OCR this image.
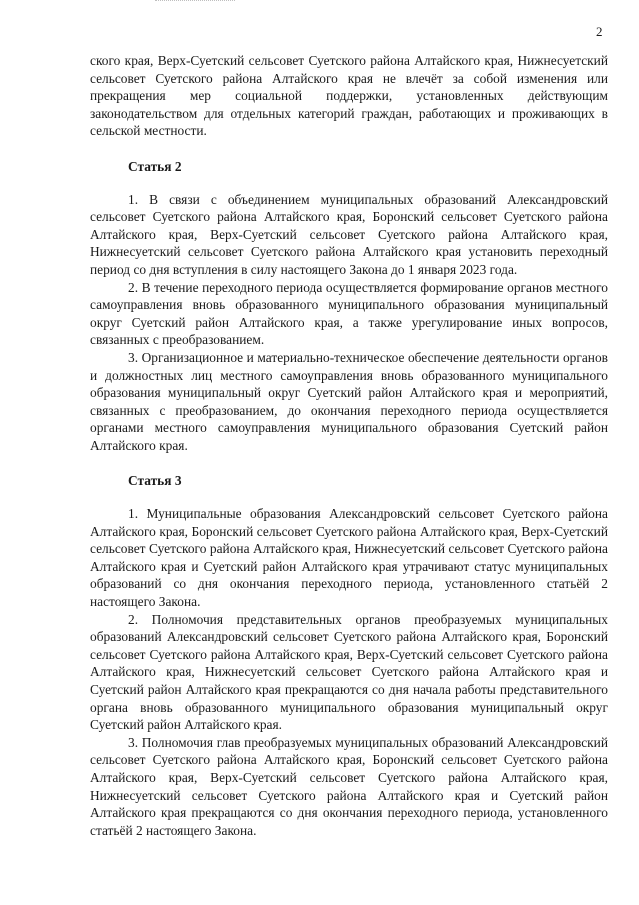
2

ского края, Верх-Суетский сельсовет Суетского района Алтайского края, Нижнесуетский сельсовет Суетского района Алтайского края не влечёт за собой изменения или прекращения мер социальной поддержки, установленных действующим законодательством для отдельных категорий граждан, работающих и проживающих в сельской местности.

Статья 2

1. В связи с объединением муниципальных образований Александровский сельсовет Суетского района Алтайского края, Боронский сельсовет Суетского района Алтайского края, Верх-Суетский сельсовет Суетского района Алтайского края, Нижнесуетский сельсовет Суетского района Алтайского края установить переходный период со дня вступления в силу настоящего Закона до 1 января 2023 года.

2. В течение переходного периода осуществляется формирование органов местного самоуправления вновь образованного муниципального образования муниципальный округ Суетский район Алтайского края, а также урегулирование иных вопросов, связанных с преобразованием.

3. Организационное и материально-техническое обеспечение деятельности органов и должностных лиц местного самоуправления вновь образованного муниципального образования муниципальный округ Суетский район Алтайского края и мероприятий, связанных с преобразованием, до окончания переходного периода осуществляется органами местного самоуправления муниципального образования Суетский район Алтайского края.

Статья 3

1. Муниципальные образования Александровский сельсовет Суетского района Алтайского края, Боронский сельсовет Суетского района Алтайского края, Верх-Суетский сельсовет Суетского района Алтайского края, Нижнесуетский сельсовет Суетского района Алтайского края и Суетский район Алтайского края утрачивают статус муниципальных образований со дня окончания переходного периода, установленного статьёй 2 настоящего Закона.

2. Полномочия представительных органов преобразуемых муниципальных образований Александровский сельсовет Суетского района Алтайского края, Боронский сельсовет Суетского района Алтайского края, Верх-Суетский сельсовет Суетского района Алтайского края, Нижнесуетский сельсовет Суетского района Алтайского края и Суетский район Алтайского края прекращаются со дня начала работы представительного органа вновь образованного муниципального образования муниципальный округ Суетский район Алтайского края.

3. Полномочия глав преобразуемых муниципальных образований Александровский сельсовет Суетского района Алтайского края, Боронский сельсовет Суетского района Алтайского края, Верх-Суетский сельсовет Суетского района Алтайского края, Нижнесуетский сельсовет Суетского района Алтайского края и Суетский район Алтайского края прекращаются со дня окончания переходного периода, установленного статьёй 2 настоящего Закона.
